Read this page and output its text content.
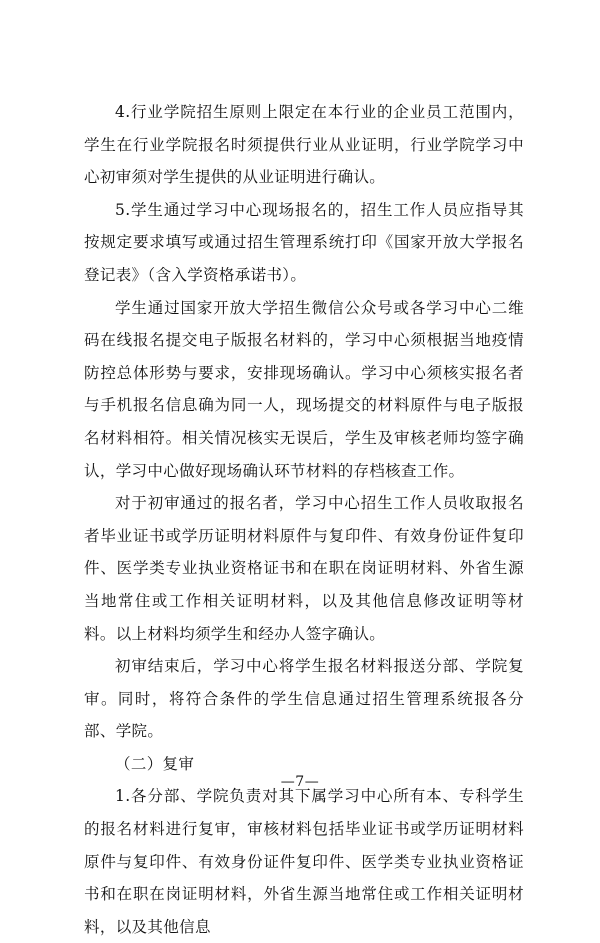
4.行业学院招生原则上限定在本行业的企业员工范围内，学生在行业学院报名时须提供行业从业证明，行业学院学习中心初审须对学生提供的从业证明进行确认。

5.学生通过学习中心现场报名的，招生工作人员应指导其按规定要求填写或通过招生管理系统打印《国家开放大学报名登记表》（含入学资格承诺书）。

学生通过国家开放大学招生微信公众号或各学习中心二维码在线报名提交电子版报名材料的，学习中心须根据当地疫情防控总体形势与要求，安排现场确认。学习中心须核实报名者与手机报名信息确为同一人，现场提交的材料原件与电子版报名材料相符。相关情况核实无误后，学生及审核老师均签字确认，学习中心做好现场确认环节材料的存档核查工作。

对于初审通过的报名者，学习中心招生工作人员收取报名者毕业证书或学历证明材料原件与复印件、有效身份证件复印件、医学类专业执业资格证书和在职在岗证明材料、外省生源当地常住或工作相关证明材料，以及其他信息修改证明等材料。以上材料均须学生和经办人签字确认。

初审结束后，学习中心将学生报名材料报送分部、学院复审。同时，将符合条件的学生信息通过招生管理系统报各分部、学院。

（二）复审

1.各分部、学院负责对其下属学习中心所有本、专科学生的报名材料进行复审，审核材料包括毕业证书或学历证明材料原件与复印件、有效身份证件复印件、医学类专业执业资格证书和在职在岗证明材料，外省生源当地常住或工作相关证明材料，以及其他信息

—7—
